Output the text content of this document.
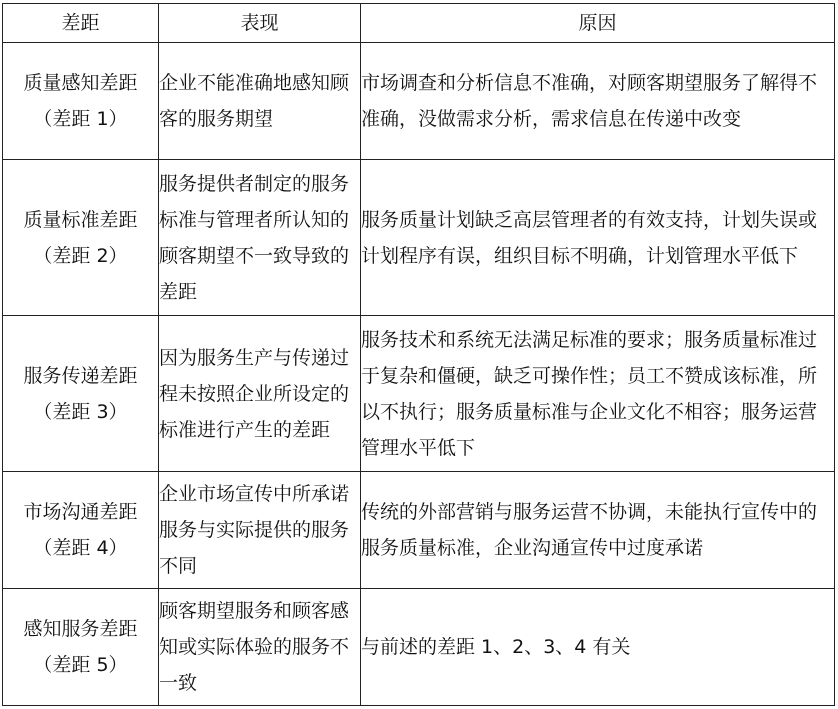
差距	表现	原因

质量感知差距
（差距 1）	企业不能准确地感知顾客的服务期望	市场调查和分析信息不准确，对顾客期望服务了解得不准确，没做需求分析，需求信息在传递中改变

质量标准差距
（差距 2）	服务提供者制定的服务标准与管理者所认知的顾客期望不一致导致的差距	服务质量计划缺乏高层管理者的有效支持，计划失误或计划程序有误，组织目标不明确，计划管理水平低下

服务传递差距
（差距 3）	因为服务生产与传递过程未按照企业所设定的标准进行产生的差距	服务技术和系统无法满足标准的要求；服务质量标准过于复杂和僵硬，缺乏可操作性；员工不赞成该标准，所以不执行；服务质量标准与企业文化不相容；服务运营管理水平低下

市场沟通差距
（差距 4）	企业市场宣传中所承诺服务与实际提供的服务不同	传统的外部营销与服务运营不协调，未能执行宣传中的服务质量标准，企业沟通宣传中过度承诺

感知服务差距
（差距 5）	顾客期望服务和顾客感知或实际体验的服务不一致	与前述的差距 1、2、3、4 有关
